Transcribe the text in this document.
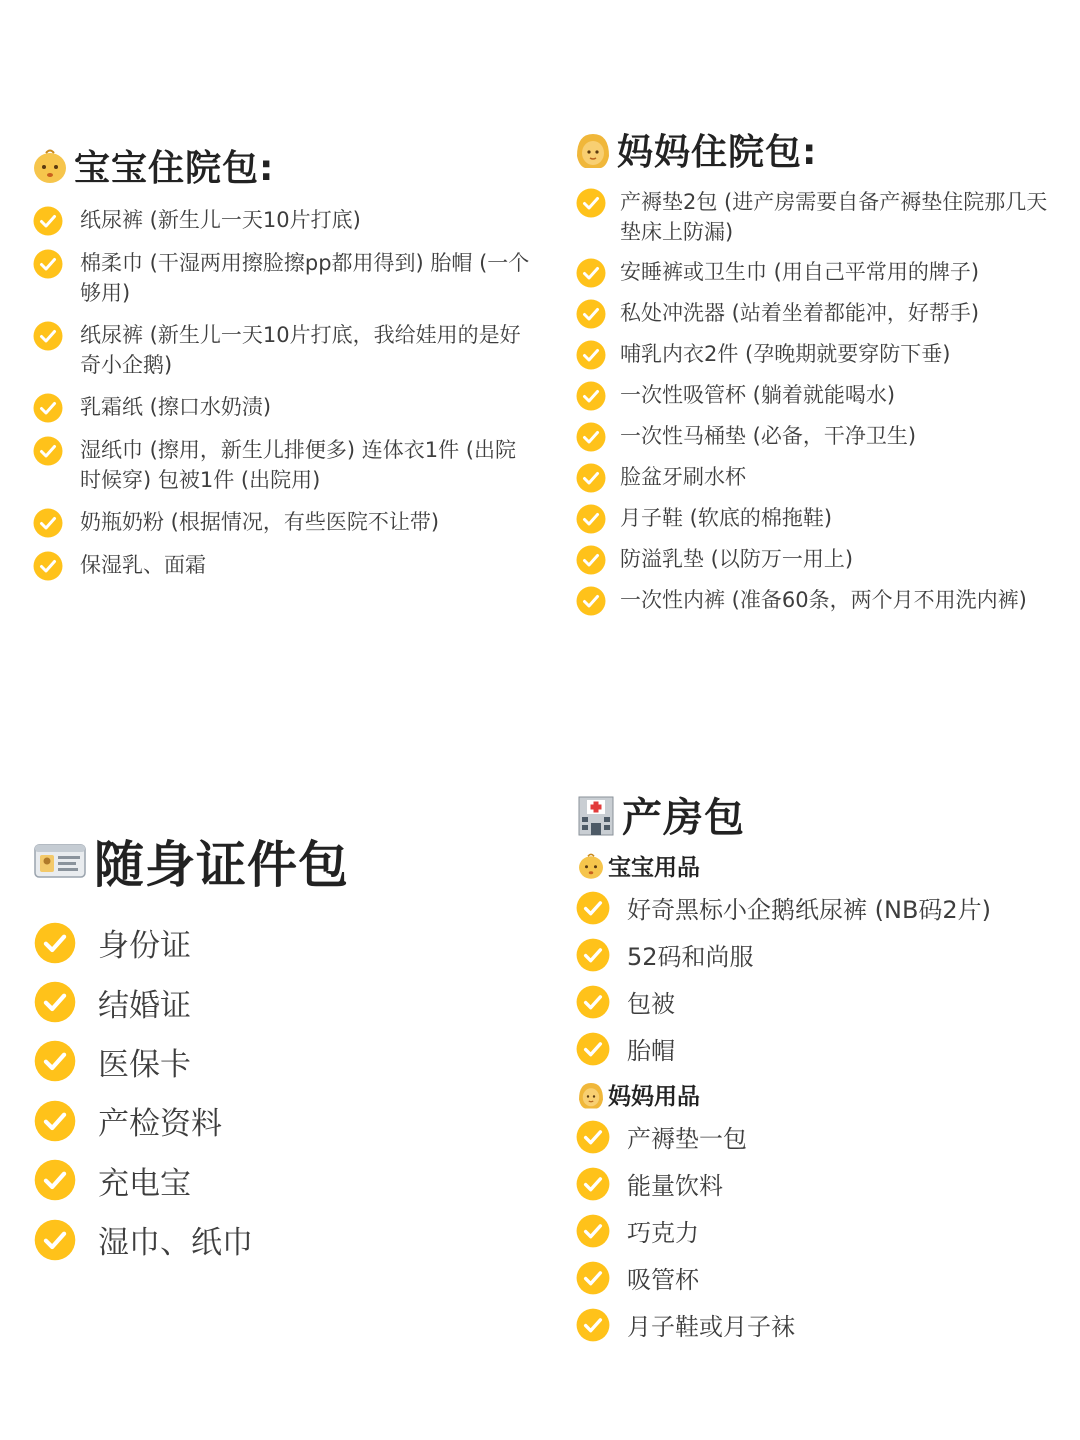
宝宝住院包:
纸尿裤 (新生儿一天10片打底)
棉柔巾 (干湿两用擦脸擦pp都用得到) 胎帽 (一个够用)
纸尿裤 (新生儿一天10片打底，我给娃用的是好奇小企鹅)
乳霜纸 (擦口水奶渍)
湿纸巾 (擦用，新生儿排便多) 连体衣1件 (出院时候穿) 包被1件 (出院用)
奶瓶奶粉 (根据情况，有些医院不让带)
保湿乳、面霜
妈妈住院包:
产褥垫2包 (进产房需要自备产褥垫住院那几天垫床上防漏)
安睡裤或卫生巾 (用自己平常用的牌子)
私处冲洗器 (站着坐着都能冲，好帮手)
哺乳内衣2件 (孕晚期就要穿防下垂)
一次性吸管杯 (躺着就能喝水)
一次性马桶垫 (必备，干净卫生)
脸盆牙刷水杯
月子鞋 (软底的棉拖鞋)
防溢乳垫 (以防万一用上)
一次性内裤 (准备60条，两个月不用洗内裤)
随身证件包
身份证
结婚证
医保卡
产检资料
充电宝
湿巾、纸巾
产房包
宝宝用品
好奇黑标小企鹅纸尿裤 (NB码2片)
52码和尚服
包被
胎帽
妈妈用品
产褥垫一包
能量饮料
巧克力
吸管杯
月子鞋或月子袜
